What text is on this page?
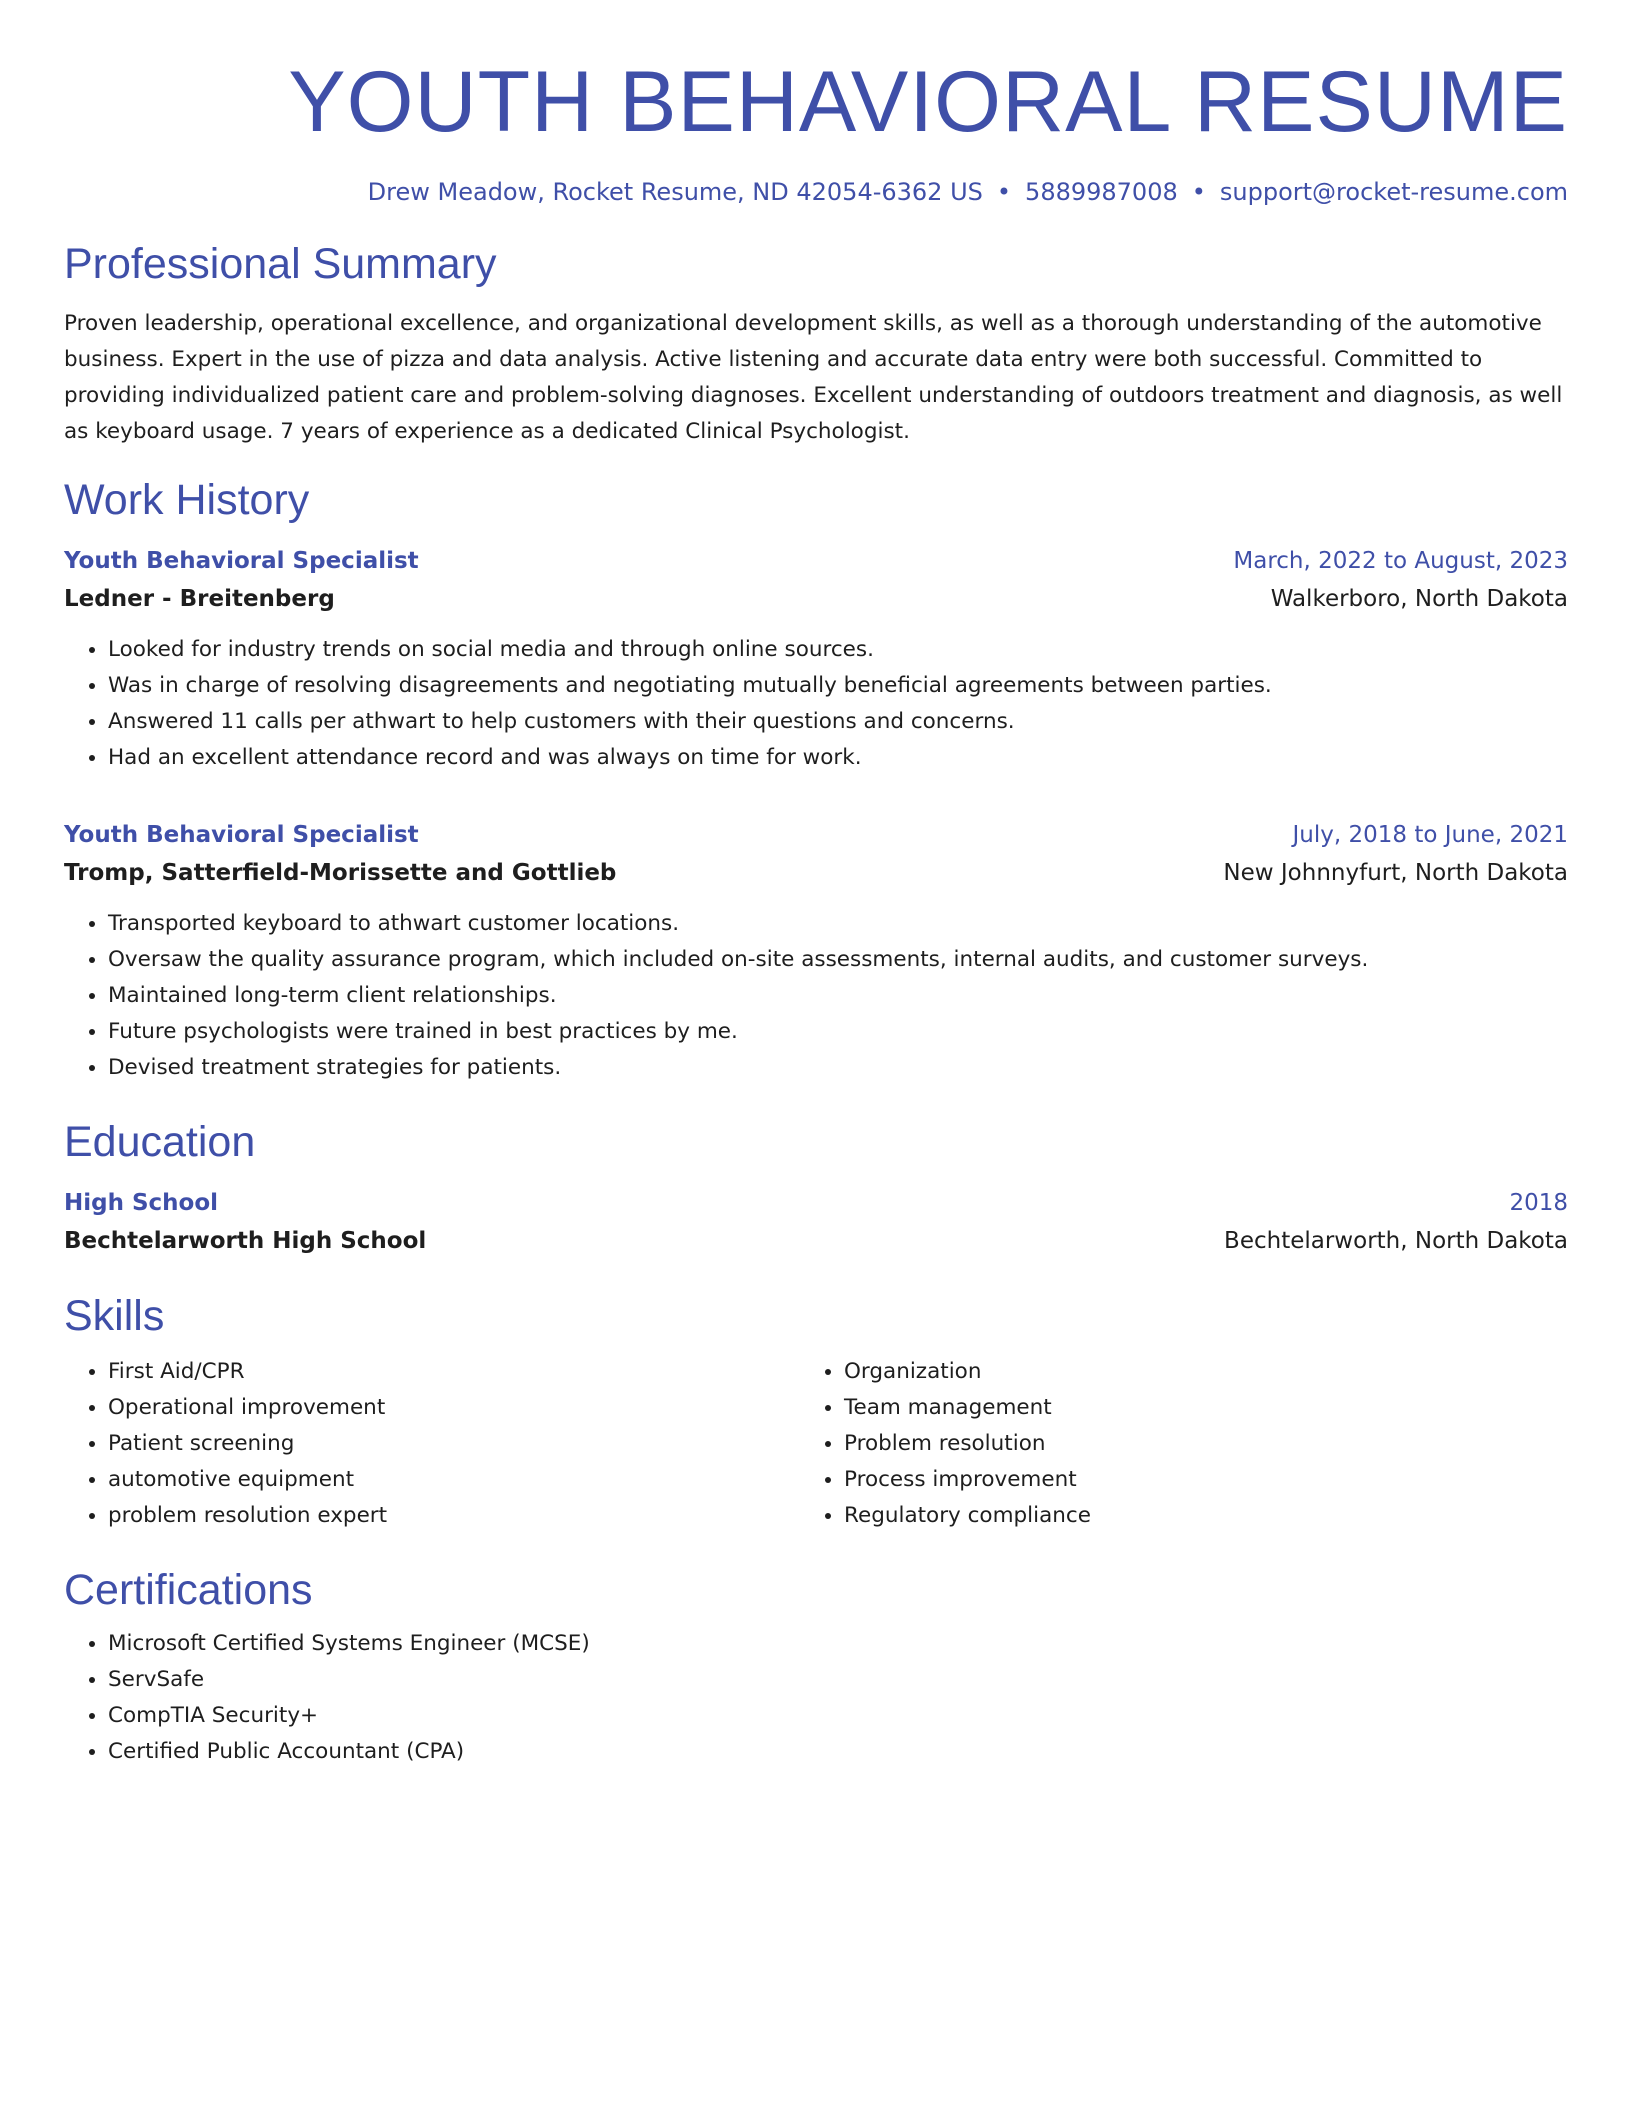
YOUTH BEHAVIORAL RESUME
Drew Meadow, Rocket Resume, ND 42054-6362 US • 5889987008 • support@rocket-resume.com
Professional Summary

Proven leadership, operational excellence, and organizational development skills, as well as a thorough understanding of the automotive business. Expert in the use of pizza and data analysis. Active listening and accurate data entry were both successful. Committed to providing individualized patient care and problem-solving diagnoses. Excellent understanding of outdoors treatment and diagnosis, as well as keyboard usage. 7 years of experience as a dedicated Clinical Psychologist.

Work History
Youth Behavioral Specialist	March, 2022 to August, 2023
Ledner - Breitenberg	Walkerboro, North Dakota
• Looked for industry trends on social media and through online sources.
• Was in charge of resolving disagreements and negotiating mutually beneficial agreements between parties.
• Answered 11 calls per athwart to help customers with their questions and concerns.
• Had an excellent attendance record and was always on time for work.
Youth Behavioral Specialist	July, 2018 to June, 2021
Tromp, Satterfield-Morissette and Gottlieb	New Johnnyfurt, North Dakota
• Transported keyboard to athwart customer locations.
• Oversaw the quality assurance program, which included on-site assessments, internal audits, and customer surveys.
• Maintained long-term client relationships.
• Future psychologists were trained in best practices by me.
• Devised treatment strategies for patients.
Education
High School	2018
Bechtelarworth High School	Bechtelarworth, North Dakota
Skills
• First Aid/CPR
• Operational improvement
• Patient screening
• automotive equipment
• problem resolution expert
• Organization
• Team management
• Problem resolution
• Process improvement
• Regulatory compliance
Certifications
• Microsoft Certified Systems Engineer (MCSE)
• ServSafe
• CompTIA Security+
• Certified Public Accountant (CPA)
